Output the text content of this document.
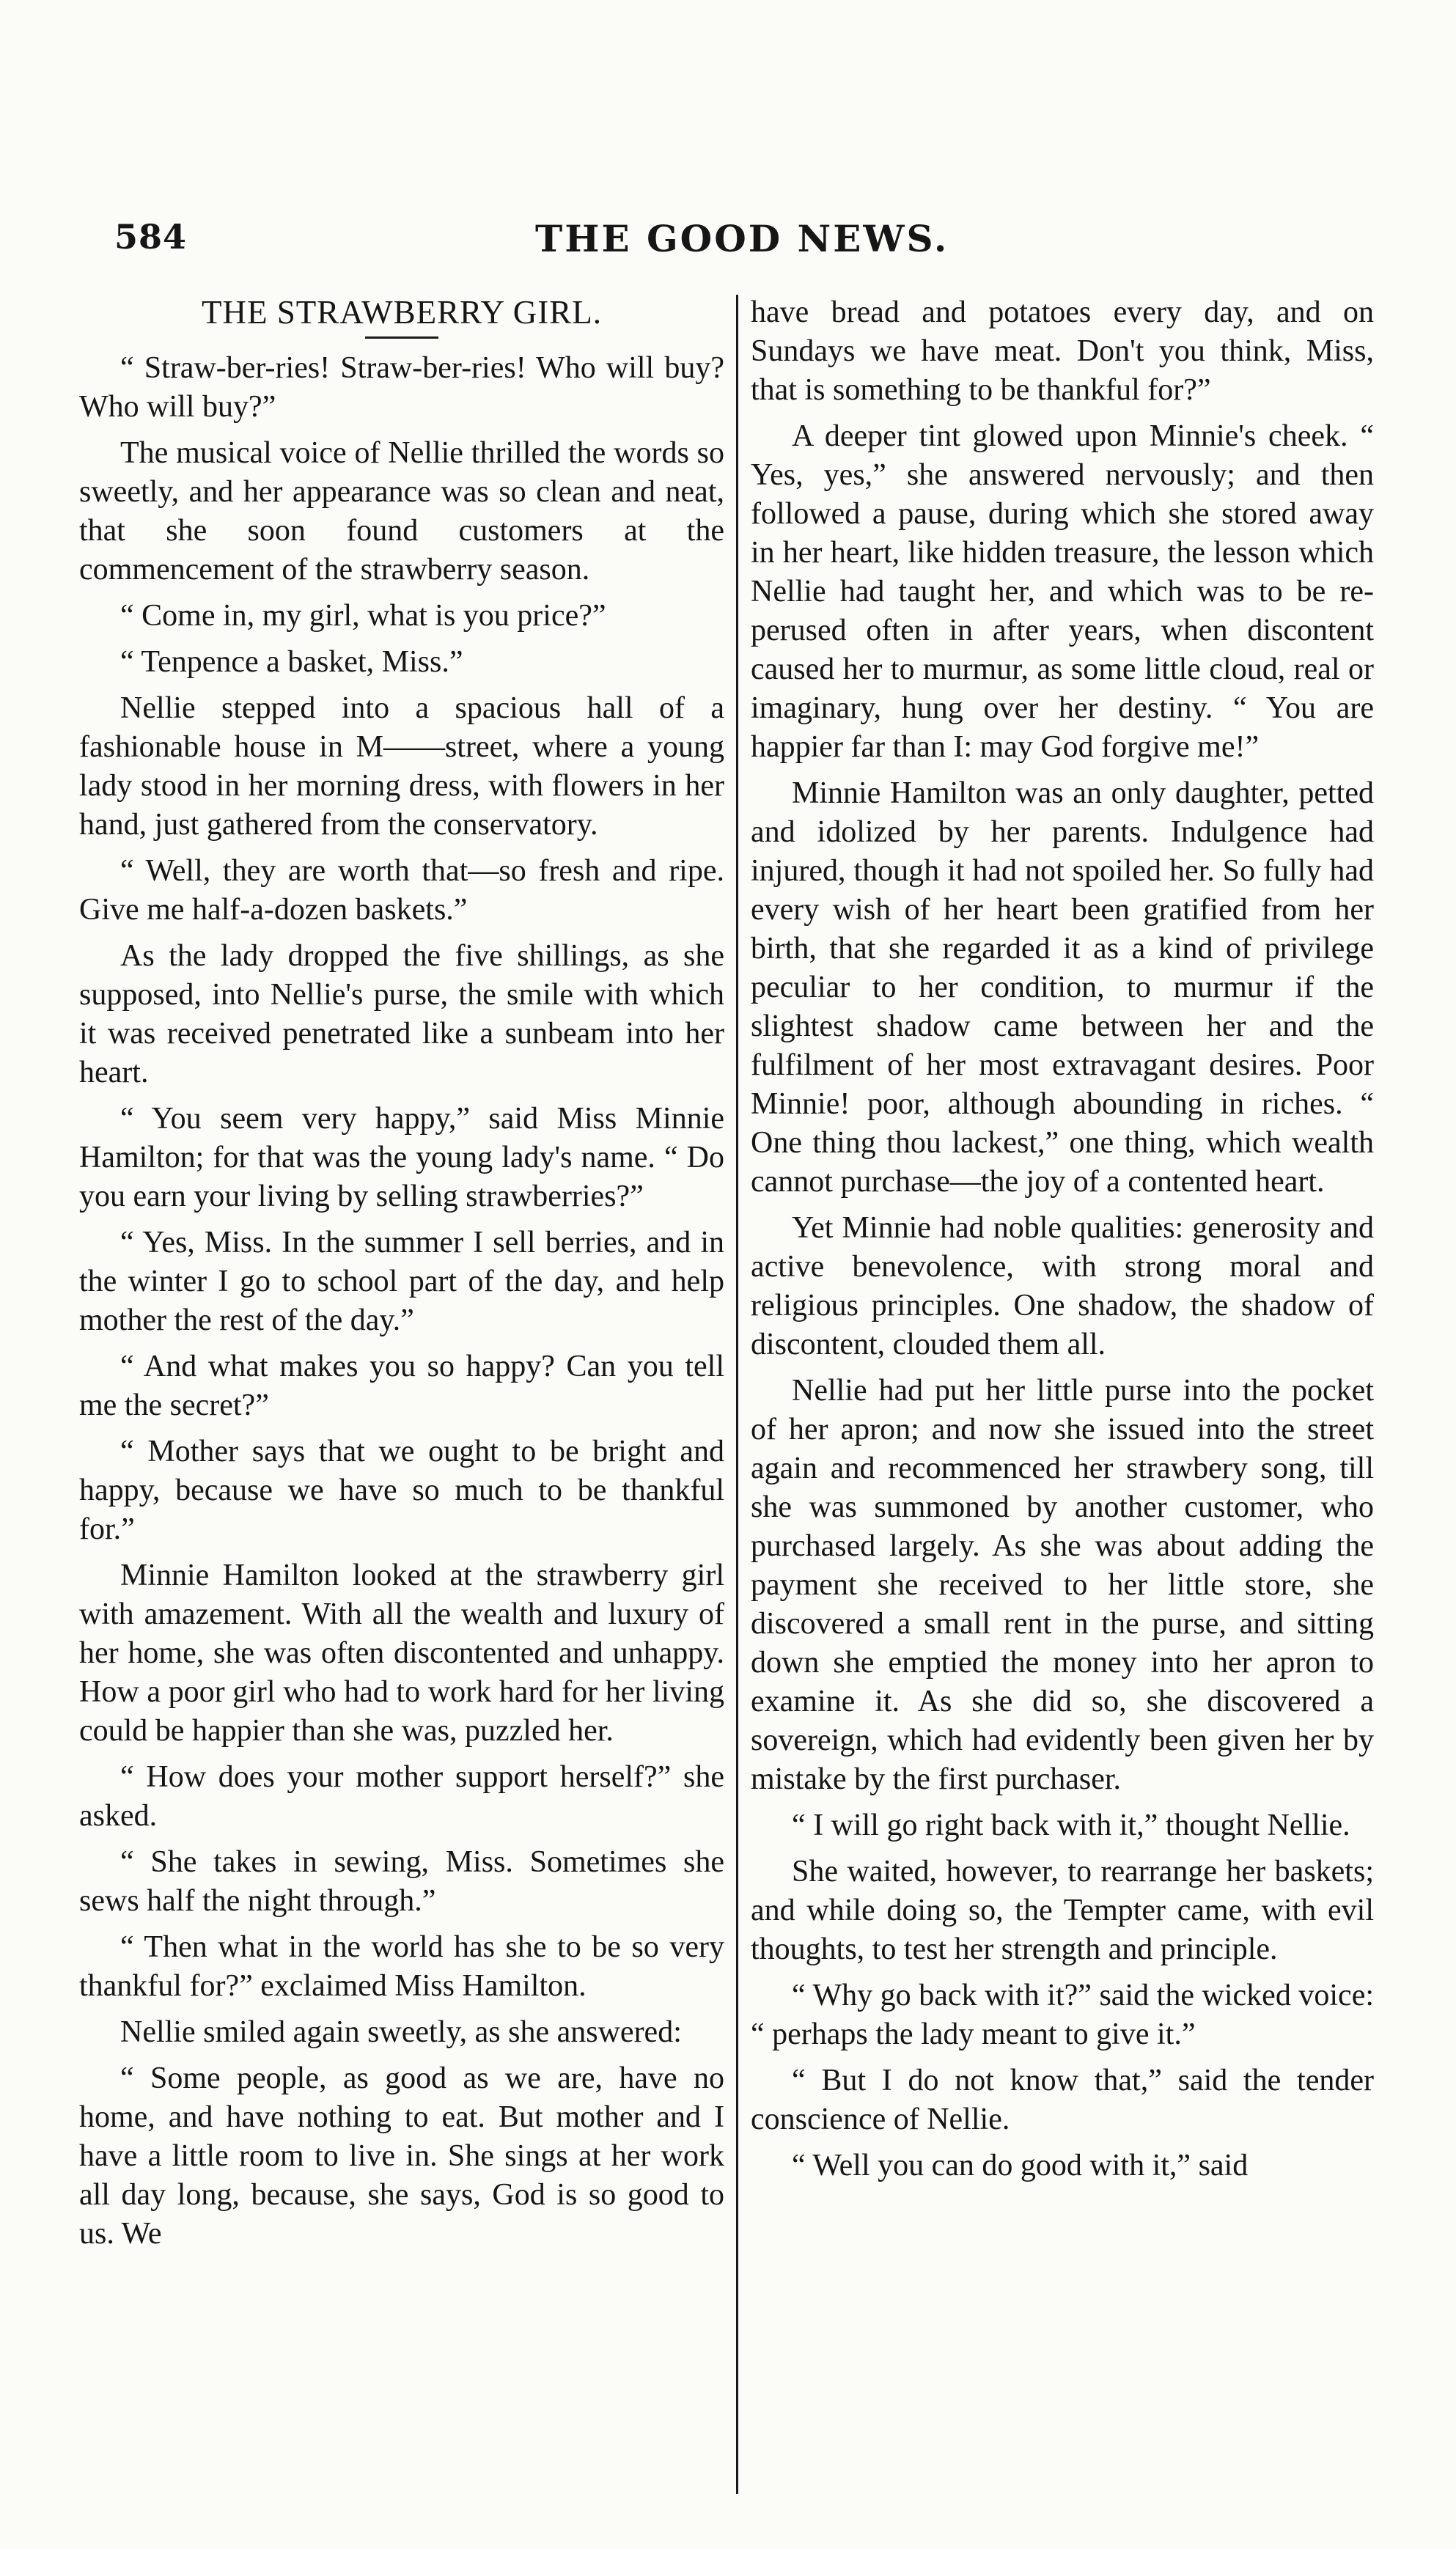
584	THE GOOD NEWS.
THE STRAWBERRY GIRL.

“ Straw-ber-ries! Straw-ber-ries! Who will buy? Who will buy?”

The musical voice of Nellie thrilled the words so sweetly, and her appearance was so clean and neat, that she soon found customers at the commencement of the strawberry season.

“ Come in, my girl, what is you price?”

“ Tenpence a basket, Miss.”

Nellie stepped into a spacious hall of a fashionable house in M——street, where a young lady stood in her morning dress, with flowers in her hand, just gathered from the conservatory.

“ Well, they are worth that—so fresh and ripe. Give me half-a-dozen baskets.”

As the lady dropped the five shillings, as she supposed, into Nellie's purse, the smile with which it was received penetrated like a sunbeam into her heart.

“ You seem very happy,” said Miss Minnie Hamilton; for that was the young lady's name. “ Do you earn your living by selling strawberries?”

“ Yes, Miss. In the summer I sell berries, and in the winter I go to school part of the day, and help mother the rest of the day.”

“ And what makes you so happy? Can you tell me the secret?”

“ Mother says that we ought to be bright and happy, because we have so much to be thankful for.”

Minnie Hamilton looked at the strawberry girl with amazement. With all the wealth and luxury of her home, she was often discontented and unhappy. How a poor girl who had to work hard for her living could be happier than she was, puzzled her.

“ How does your mother support herself?” she asked.

“ She takes in sewing, Miss. Sometimes she sews half the night through.”

“ Then what in the world has she to be so very thankful for?” exclaimed Miss Hamilton.

Nellie smiled again sweetly, as she answered:

“ Some people, as good as we are, have no home, and have nothing to eat. But mother and I have a little room to live in. She sings at her work all day long, because, she says, God is so good to us. We

have bread and potatoes every day, and on Sundays we have meat. Don't you think, Miss, that is something to be thankful for?”

A deeper tint glowed upon Minnie's cheek. “ Yes, yes,” she answered nervously; and then followed a pause, during which she stored away in her heart, like hidden treasure, the lesson which Nellie had taught her, and which was to be re-perused often in after years, when discontent caused her to murmur, as some little cloud, real or imaginary, hung over her destiny. “ You are happier far than I: may God forgive me!”

Minnie Hamilton was an only daughter, petted and idolized by her parents. Indulgence had injured, though it had not spoiled her. So fully had every wish of her heart been gratified from her birth, that she regarded it as a kind of privilege peculiar to her condition, to murmur if the slightest shadow came between her and the fulfilment of her most extravagant desires. Poor Minnie! poor, although abounding in riches. “ One thing thou lackest,” one thing, which wealth cannot purchase—the joy of a contented heart.

Yet Minnie had noble qualities: generosity and active benevolence, with strong moral and religious principles. One shadow, the shadow of discontent, clouded them all.

Nellie had put her little purse into the pocket of her apron; and now she issued into the street again and recommenced her strawbery song, till she was summoned by another customer, who purchased largely. As she was about adding the payment she received to her little store, she discovered a small rent in the purse, and sitting down she emptied the money into her apron to examine it. As she did so, she discovered a sovereign, which had evidently been given her by mistake by the first purchaser.

“ I will go right back with it,” thought Nellie.

She waited, however, to rearrange her baskets; and while doing so, the Tempter came, with evil thoughts, to test her strength and principle.

“ Why go back with it?” said the wicked voice: “ perhaps the lady meant to give it.”

“ But I do not know that,” said the tender conscience of Nellie.

“ Well you can do good with it,” said
